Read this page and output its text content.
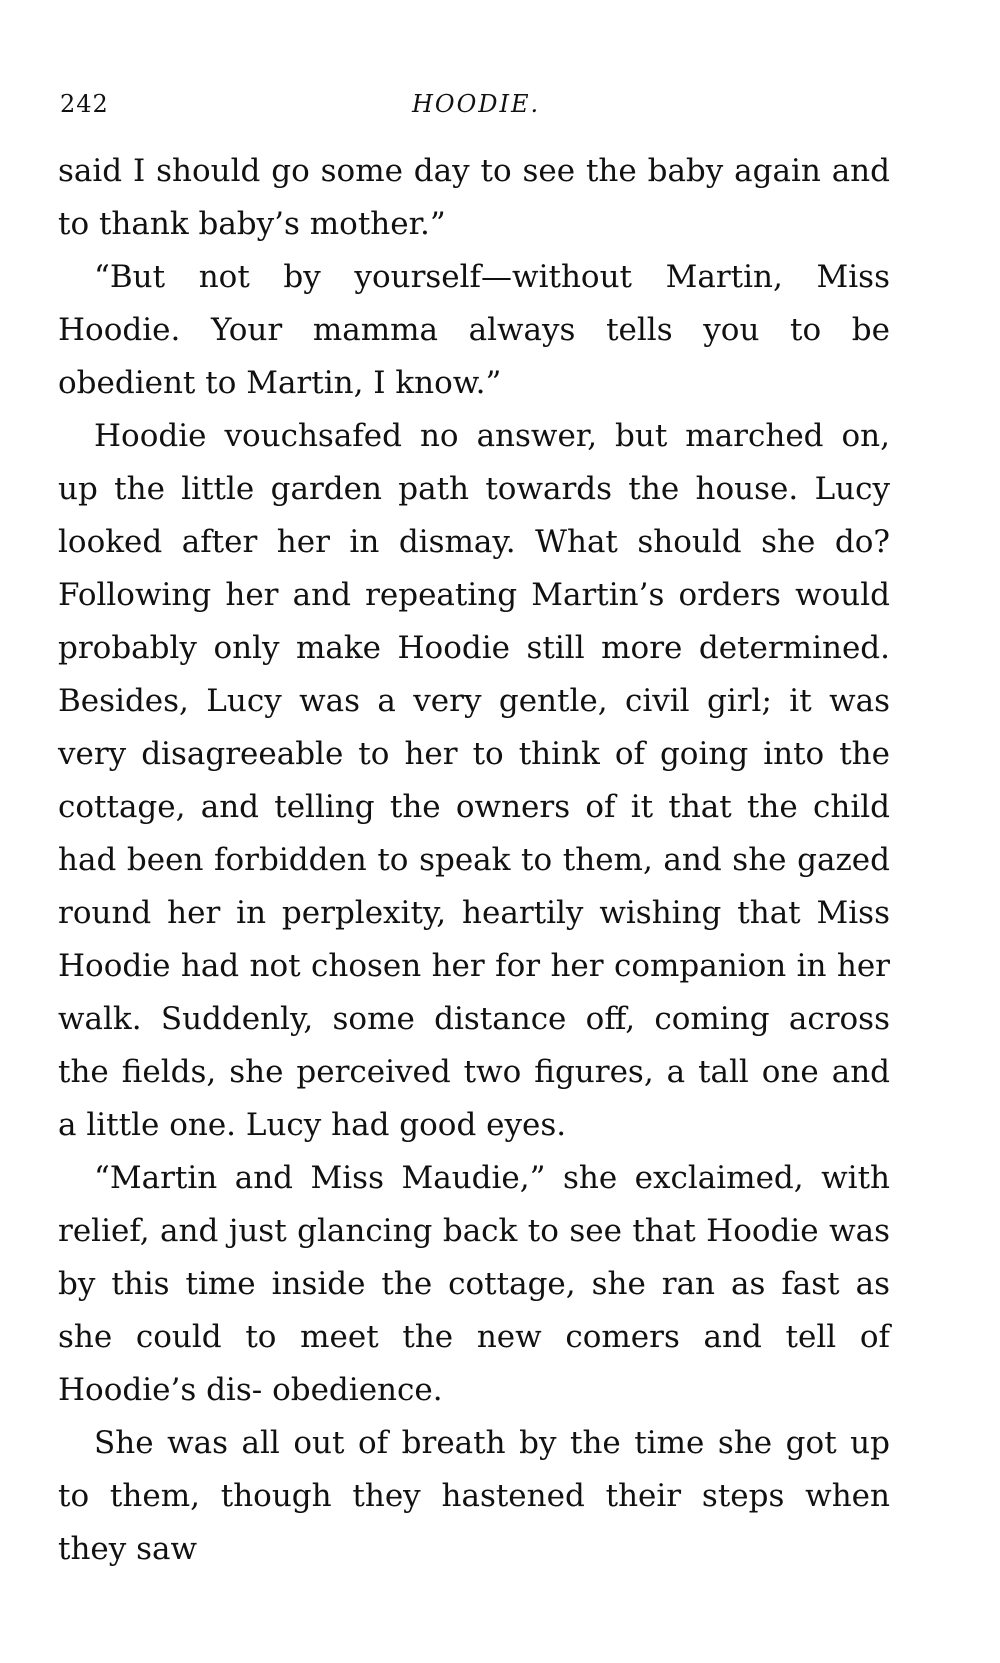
242	HOODIE.

said I should go some day to see the baby again and to thank baby’s mother.”

“But not by yourself—without Martin, Miss Hoodie. Your mamma always tells you to be obedient to Martin, I know.”

Hoodie vouchsafed no answer, but marched on, up the little garden path towards the house. Lucy looked after her in dismay. What should she do? Following her and repeating Martin’s orders would probably only make Hoodie still more determined. Besides, Lucy was a very gentle, civil girl; it was very disagreeable to her to think of going into the cottage, and telling the owners of it that the child had been forbidden to speak to them, and she gazed round her in perplexity, heartily wishing that Miss Hoodie had not chosen her for her companion in her walk. Suddenly, some distance off, coming across the fields, she perceived two figures, a tall one and a little one. Lucy had good eyes.

“Martin and Miss Maudie,” she exclaimed, with relief, and just glancing back to see that Hoodie was by this time inside the cottage, she ran as fast as she could to meet the new comers and tell of Hoodie’s dis- obedience.

She was all out of breath by the time she got up to them, though they hastened their steps when they saw
